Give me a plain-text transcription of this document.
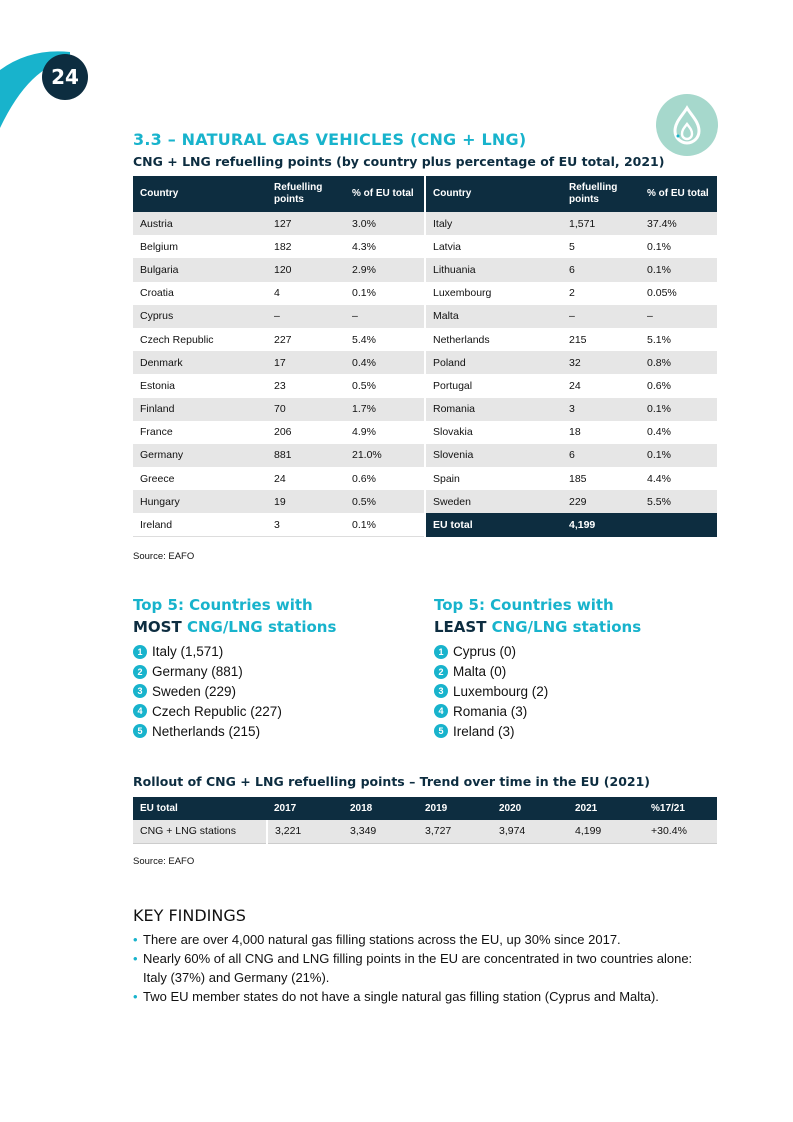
24
3.3 – NATURAL GAS VEHICLES (CNG + LNG)
CNG + LNG refuelling points (by country plus percentage of EU total, 2021)
Country	Refuelling points	% of EU total	Country	Refuelling points	% of EU total
Austria	127	3.0%	Italy	1,571	37.4%
Belgium	182	4.3%	Latvia	5	0.1%
Bulgaria	120	2.9%	Lithuania	6	0.1%
Croatia	4	0.1%	Luxembourg	2	0.05%
Cyprus	–	–	Malta	–	–
Czech Republic	227	5.4%	Netherlands	215	5.1%
Denmark	17	0.4%	Poland	32	0.8%
Estonia	23	0.5%	Portugal	24	0.6%
Finland	70	1.7%	Romania	3	0.1%
France	206	4.9%	Slovakia	18	0.4%
Germany	881	21.0%	Slovenia	6	0.1%
Greece	24	0.6%	Spain	185	4.4%
Hungary	19	0.5%	Sweden	229	5.5%
Ireland	3	0.1%	EU total	4,199	
Source: EAFO
Top 5: Countries with
MOST CNG/LNG stations
1 Italy (1,571)
2 Germany (881)
3 Sweden (229)
4 Czech Republic (227)
5 Netherlands (215)
Top 5: Countries with
LEAST CNG/LNG stations
1 Cyprus (0)
2 Malta (0)
3 Luxembourg (2)
4 Romania (3)
5 Ireland (3)
Rollout of CNG + LNG refuelling points – Trend over time in the EU (2021)
EU total	2017	2018	2019	2020	2021	%17/21
CNG + LNG stations	3,221	3,349	3,727	3,974	4,199	+30.4%
Source: EAFO
KEY FINDINGS
• There are over 4,000 natural gas filling stations across the EU, up 30% since 2017.
• Nearly 60% of all CNG and LNG filling points in the EU are concentrated in two countries alone: Italy (37%) and Germany (21%).
• Two EU member states do not have a single natural gas filling station (Cyprus and Malta).
